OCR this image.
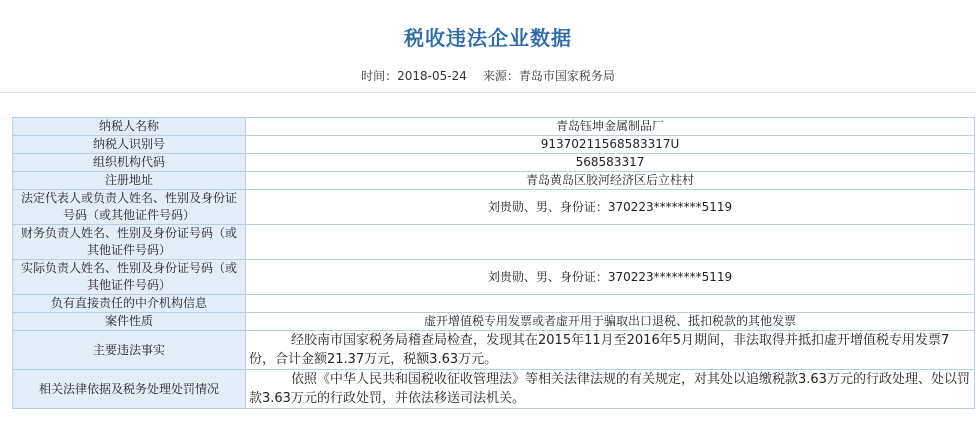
税收违法企业数据
时间：2018-05-24 来源：青岛市国家税务局
纳税人名称	青岛钰坤金属制品厂
纳税人识别号	91370211568583317U
组织机构代码	568583317
注册地址	青岛黄岛区胶河经济区后立柱村
法定代表人或负责人姓名、性别及身份证号码（或其他证件号码）	刘贵勋、男、身份证：370223********5119
财务负责人姓名、性别及身份证号码（或其他证件号码）	
实际负责人姓名、性别及身份证号码（或其他证件号码）	刘贵勋、男、身份证：370223********5119
负有直接责任的中介机构信息	
案件性质	虚开增值税专用发票或者虚开用于骗取出口退税、抵扣税款的其他发票
主要违法事实	经胶南市国家税务局稽查局检查，发现其在2015年11月至2016年5月期间，非法取得并抵扣虚开增值税专用发票7份，合计金额21.37万元，税额3.63万元。
相关法律依据及税务处理处罚情况	依照《中华人民共和国税收征收管理法》等相关法律法规的有关规定，对其处以追缴税款3.63万元的行政处理、处以罚款3.63万元的行政处罚，并依法移送司法机关。
